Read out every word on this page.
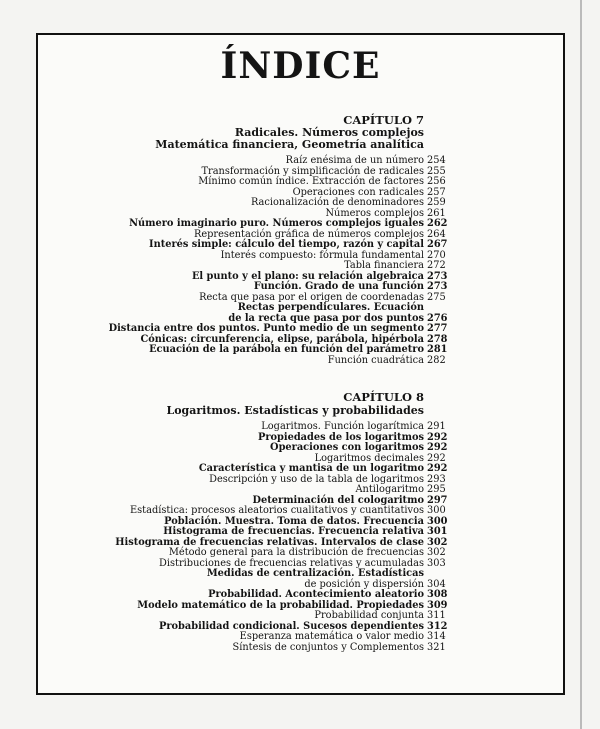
ÍNDICE
CAPÍTULO 7
Radicales. Números complejos
Matemática financiera, Geometría analítica
Raíz enésima de un número 254
Transformación y simplificación de radicales 255
Mínimo común índice. Extracción de factores 256
Operaciones con radicales 257
Racionalización de denominadores 259
Números complejos 261
Número imaginario puro. Números complejos iguales 262
Representación gráfica de números complejos 264
Interés simple: cálculo del tiempo, razón y capital 267
Interés compuesto: fórmula fundamental 270
Tabla financiera 272
El punto y el plano: su relación algebraica 273
Función. Grado de una función 273
Recta que pasa por el origen de coordenadas 275
Rectas perpendiculares. Ecuación
de la recta que pasa por dos puntos 276
Distancia entre dos puntos. Punto medio de un segmento 277
Cónicas: circunferencia, elipse, parábola, hipérbola 278
Ecuación de la parábola en función del parámetro 281
Función cuadrática 282
CAPÍTULO 8
Logaritmos. Estadísticas y probabilidades
Logaritmos. Función logarítmica 291
Propiedades de los logaritmos 292
Operaciones con logaritmos 292
Logaritmos decimales 292
Característica y mantisa de un logaritmo 292
Descripción y uso de la tabla de logaritmos 293
Antilogaritmo 295
Determinación del cologaritmo 297
Estadística: procesos aleatorios cualitativos y cuantitativos 300
Población. Muestra. Toma de datos. Frecuencia 300
Histograma de frecuencias. Frecuencia relativa 301
Histograma de frecuencias relativas. Intervalos de clase 302
Método general para la distribución de frecuencias 302
Distribuciones de frecuencias relativas y acumuladas 303
Medidas de centralización. Estadísticas
de posición y dispersión 304
Probabilidad. Acontecimiento aleatorio 308
Modelo matemático de la probabilidad. Propiedades 309
Probabilidad conjunta 311
Probabilidad condicional. Sucesos dependientes 312
Esperanza matemática o valor medio 314
Síntesis de conjuntos y Complementos 321
